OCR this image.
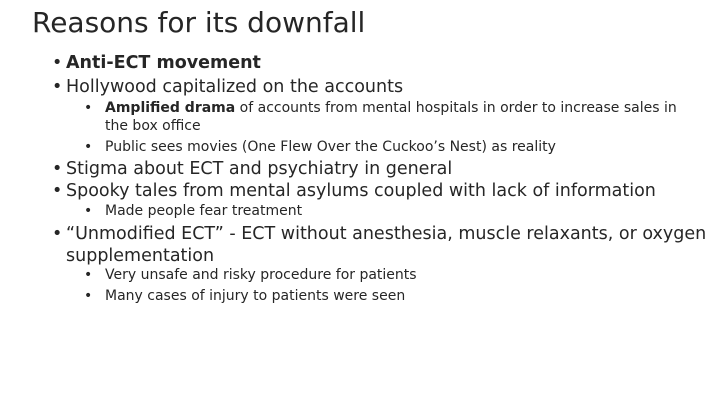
Reasons for its downfall
• Anti-ECT movement
• Hollywood capitalized on the accounts
• Amplified drama of accounts from mental hospitals in order to increase sales in
the box office
• Public sees movies (One Flew Over the Cuckoo’s Nest) as reality
• Stigma about ECT and psychiatry in general
• Spooky tales from mental asylums coupled with lack of information
• Made people fear treatment
• “Unmodified ECT” - ECT without anesthesia, muscle relaxants, or oxygen
supplementation
• Very unsafe and risky procedure for patients
• Many cases of injury to patients were seen
